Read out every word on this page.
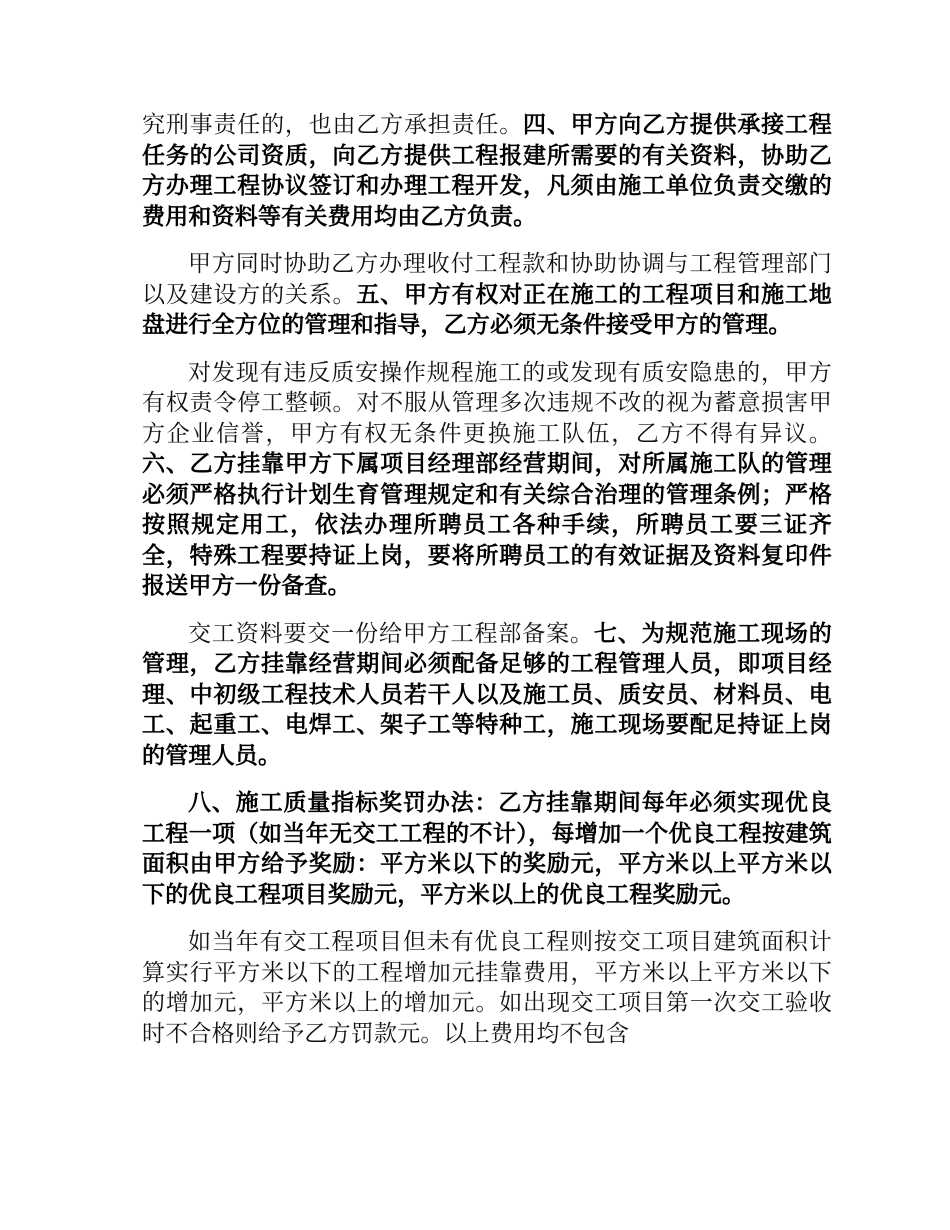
究刑事责任的，也由乙方承担责任。四、甲方向乙方提供承接工程任务的公司资质，向乙方提供工程报建所需要的有关资料，协助乙方办理工程协议签订和办理工程开发，凡须由施工单位负责交缴的费用和资料等有关费用均由乙方负责。

甲方同时协助乙方办理收付工程款和协助协调与工程管理部门以及建设方的关系。五、甲方有权对正在施工的工程项目和施工地盘进行全方位的管理和指导，乙方必须无条件接受甲方的管理。

对发现有违反质安操作规程施工的或发现有质安隐患的，甲方有权责令停工整顿。对不服从管理多次违规不改的视为蓄意损害甲方企业信誉，甲方有权无条件更换施工队伍，乙方不得有异议。六、乙方挂靠甲方下属项目经理部经营期间，对所属施工队的管理必须严格执行计划生育管理规定和有关综合治理的管理条例；严格按照规定用工，依法办理所聘员工各种手续，所聘员工要三证齐全，特殊工程要持证上岗，要将所聘员工的有效证据及资料复印件报送甲方一份备查。

交工资料要交一份给甲方工程部备案。七、为规范施工现场的管理，乙方挂靠经营期间必须配备足够的工程管理人员，即项目经理、中初级工程技术人员若干人以及施工员、质安员、材料员、电工、起重工、电焊工、架子工等特种工，施工现场要配足持证上岗的管理人员。

八、施工质量指标奖罚办法：乙方挂靠期间每年必须实现优良工程一项（如当年无交工工程的不计），每增加一个优良工程按建筑面积由甲方给予奖励：平方米以下的奖励元，平方米以上平方米以下的优良工程项目奖励元，平方米以上的优良工程奖励元。

如当年有交工程项目但未有优良工程则按交工项目建筑面积计算实行平方米以下的工程增加元挂靠费用，平方米以上平方米以下的增加元，平方米以上的增加元。如出现交工项目第一次交工验收时不合格则给予乙方罚款元。以上费用均不包含
